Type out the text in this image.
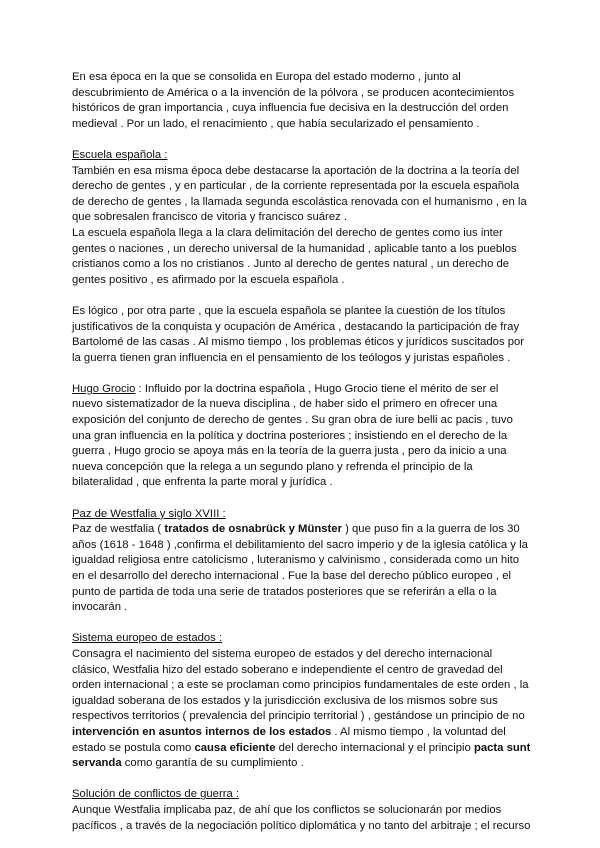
En esa época en la que se consolida en Europa del estado moderno , junto al descubrimiento de América o a la invención de la pólvora , se producen acontecimientos históricos de gran importancia , cuya influencia fue decisiva en la destrucción del orden medieval . Por un lado, el renacimiento , que había secularizado el pensamiento .

Escuela española :

También en esa misma época debe destacarse la aportación de la doctrina a la teoría del derecho de gentes , y en particular , de la corriente representada por la escuela española de derecho de gentes , la llamada segunda escolástica renovada con el humanismo , en la que sobresalen francisco de vitoria y francisco suárez .

La escuela española llega a la clara delimitación del derecho de gentes como ius inter gentes o naciones , un derecho universal de la humanidad , aplicable tanto a los pueblos cristianos como a los no cristianos . Junto al derecho de gentes natural , un derecho de gentes positivo , es afirmado por la escuela española .

Es lógico , por otra parte , que la escuela española se plantee la cuestión de los títulos justificativos de la conquista y ocupación de América , destacando la participación de fray Bartolomé de las casas . Al mismo tiempo , los problemas éticos y jurídicos suscitados por la guerra tienen gran influencia en el pensamiento de los teólogos y juristas españoles .

Hugo Grocio : Influido por la doctrina española , Hugo Grocio tiene el mérito de ser el nuevo sistematizador de la nueva disciplina , de haber sido el primero en ofrecer una exposición del conjunto de derecho de gentes . Su gran obra de iure belli ac pacis , tuvo una gran influencia en la política y doctrina posteriores ; insistiendo en el derecho de la guerra , Hugo grocio se apoya más en la teoría de la guerra justa , pero da inicio a una nueva concepción que la relega a un segundo plano y refrenda el principio de la bilateralidad , que enfrenta la parte moral y jurídica .

Paz de Westfalia y siglo XVIII :

Paz de westfalia ( tratados de osnabrück y Münster ) que puso fin a la guerra de los 30 años (1618 - 1648 ) ,confirma el debilitamiento del sacro imperio y de la iglesia católica y la igualdad religiosa entre catolicismo , luteranismo y calvinismo , considerada como un hito en el desarrollo del derecho internacional . Fue la base del derecho público europeo , el punto de partida de toda una serie de tratados posteriores que se referirán a ella o la invocarán .

Sistema europeo de estados :

Consagra el nacimiento del sistema europeo de estados y del derecho internacional clásico, Westfalia hizo del estado soberano e independiente el centro de gravedad del orden internacional ; a este se proclaman como principios fundamentales de este orden , la igualdad soberana de los estados y la jurisdicción exclusiva de los mismos sobre sus respectivos territorios ( prevalencia del principio territorial ) , gestándose un principio de no intervención en asuntos internos de los estados . Al mismo tiempo , la voluntad del estado se postula como causa eficiente del derecho internacional y el principio pacta sunt servanda como garantía de su cumplimiento .

Solución de conflictos de guerra :

Aunque Westfalia implicaba paz, de ahí que los conflictos se solucionarán por medios pacíficos , a través de la negociación político diplomática y no tanto del arbitraje ; el recurso
